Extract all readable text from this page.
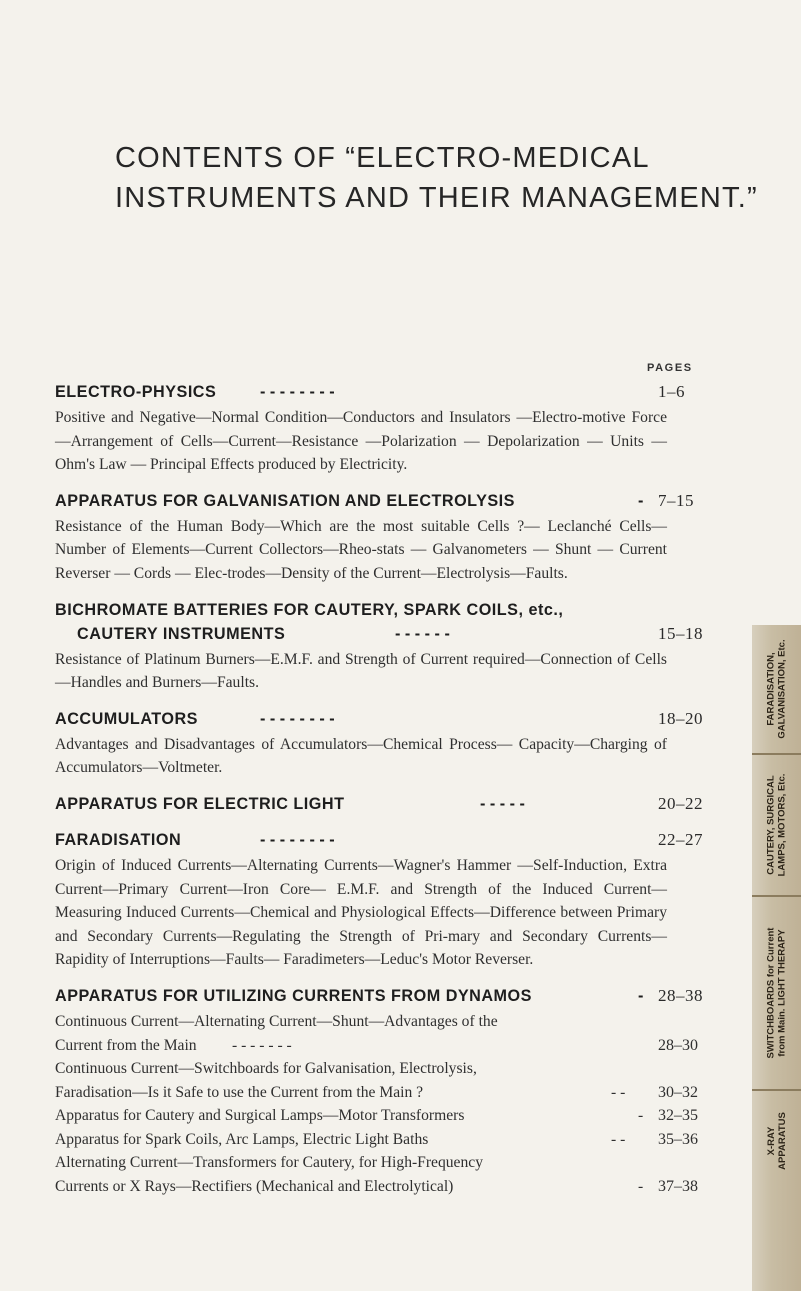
CONTENTS OF “ELECTRO-MEDICAL
INSTRUMENTS AND THEIR MANAGEMENT.”
PAGES
ELECTRO-PHYSICS	- - - - - - - -	1–6
Positive and Negative—Normal Condition—Conductors and Insulators —Electro-motive Force—Arrangement of Cells—Current—Resistance —Polarization — Depolarization — Units — Ohm's Law — Principal Effects produced by Electricity.
APPARATUS FOR GALVANISATION AND ELECTROLYSIS	- 7–15
Resistance of the Human Body—Which are the most suitable Cells ?— Leclanché Cells—Number of Elements—Current Collectors—Rheo-stats — Galvanometers — Shunt — Current Reverser — Cords — Elec-trodes—Density of the Current—Electrolysis—Faults.
BICHROMATE BATTERIES FOR CAUTERY, SPARK COILS, etc.,
CAUTERY INSTRUMENTS	- - - - - -	15–18
Resistance of Platinum Burners—E.M.F. and Strength of Current required—Connection of Cells—Handles and Burners—Faults.
ACCUMULATORS	- - - - - - - -	18–20
Advantages and Disadvantages of Accumulators—Chemical Process— Capacity—Charging of Accumulators—Voltmeter.
APPARATUS FOR ELECTRIC LIGHT	- - - - -	20–22
FARADISATION	- - - - - - - -	22–27
Origin of Induced Currents—Alternating Currents—Wagner's Hammer —Self-Induction, Extra Current—Primary Current—Iron Core— E.M.F. and Strength of the Induced Current—Measuring Induced Currents—Chemical and Physiological Effects—Difference between Primary and Secondary Currents—Regulating the Strength of Pri-mary and Secondary Currents—Rapidity of Interruptions—Faults— Faradimeters—Leduc's Motor Reverser.
APPARATUS FOR UTILIZING CURRENTS FROM DYNAMOS	- 28–38
Continuous Current—Alternating Current—Shunt—Advantages of the
Current from the Main - - - - - - -	28–30
Continuous Current—Switchboards for Galvanisation, Electrolysis,
Faradisation—Is it Safe to use the Current from the Main ?	- - 30–32
Apparatus for Cautery and Surgical Lamps—Motor Transformers	- 32–35
Apparatus for Spark Coils, Arc Lamps, Electric Light Baths	- - 35–36
Alternating Current—Transformers for Cautery, for High-Frequency
Currents or X Rays—Rectifiers (Mechanical and Electrolytical)	- 37–38
FARADISATION, GALVANISATION, Etc.
CAUTERY, SURGICAL LAMPS, MOTORS, Etc.
SWITCHBOARDS for Current from Main. LIGHT THERAPY
X-RAY APPARATUS
